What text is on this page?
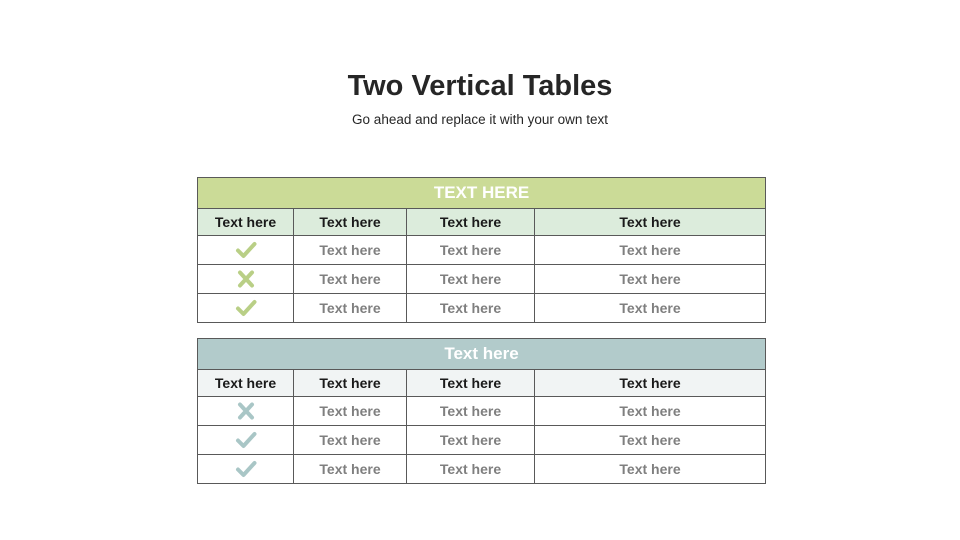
Two Vertical Tables
Go ahead and replace it with your own text
TEXT HERE			
Text here	Text here	Text here	Text here

	Text here	Text here	Text here

	Text here	Text here	Text here

	Text here	Text here	Text here
Text here			
Text here	Text here	Text here	Text here

	Text here	Text here	Text here

	Text here	Text here	Text here

	Text here	Text here	Text here
